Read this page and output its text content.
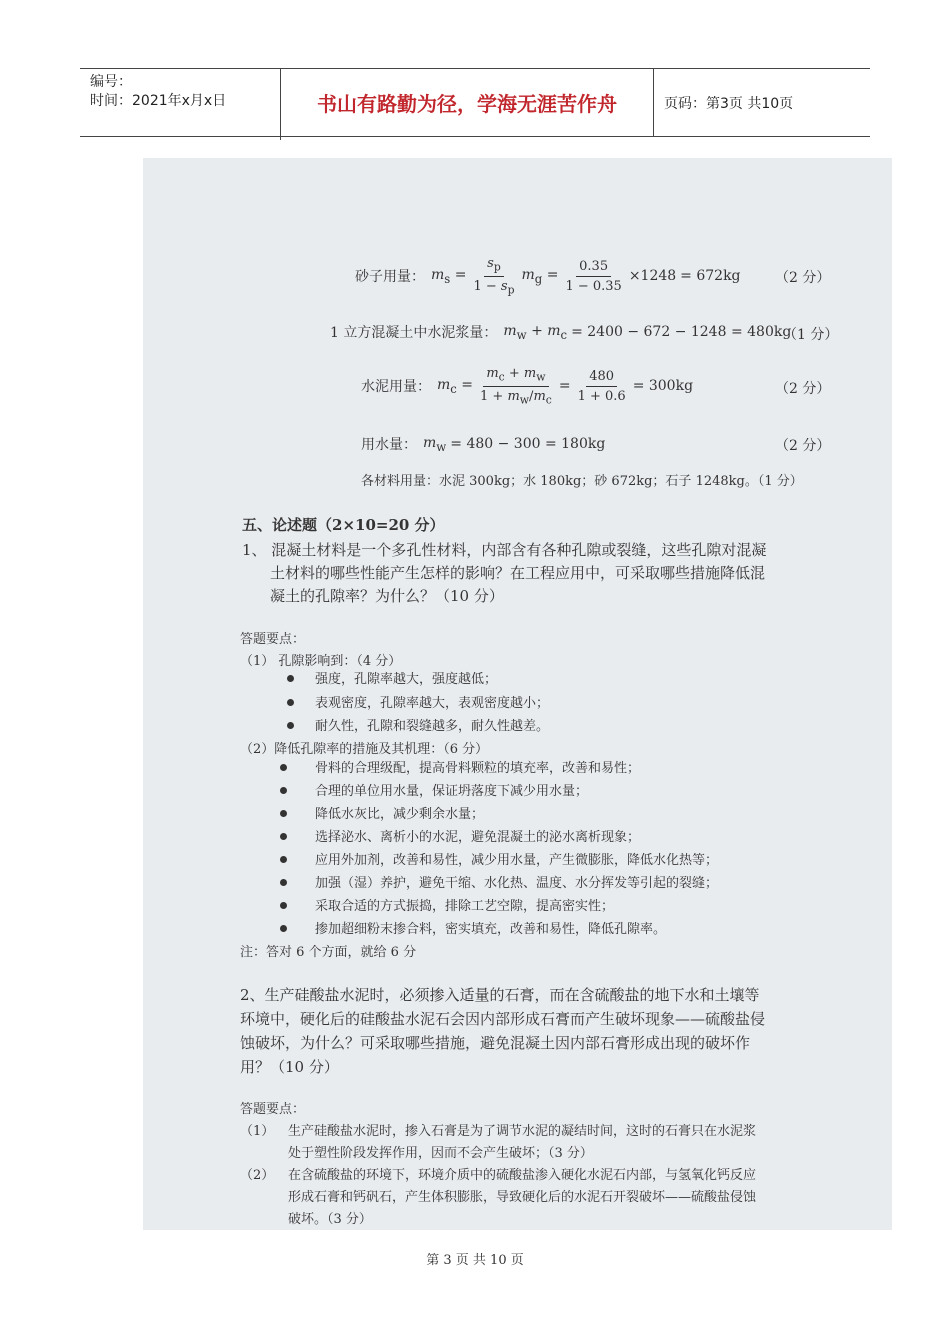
编号：
时间：2021年x月x日	书山有路勤为径，学海无涯苦作舟	页码：第3页 共10页
砂子用量： $m_s = \frac{s_p}{1 - s_p} m_g = \frac{0.35}{1 - 0.35} \times 1248 = 672kg$ （2 分）
1 立方混凝土中水泥浆量： $m_w + m_c = 2400 - 672 - 1248 = 480kg$
（1 分）
水泥用量： $m_c = \frac{m_c + m_w}{1 + m_w/m_c} = \frac{480}{1 + 0.6} = 300kg$	（2 分）
用水量： $m_w = 480 - 300 = 180kg$	（2 分）
各材料用量：水泥 300kg；水 180kg；砂 672kg；石子 1248kg。（1 分）
五、论述题（2×10=20 分）
1、 混凝土材料是一个多孔性材料，内部含有各种孔隙或裂缝，这些孔隙对混凝
土材料的哪些性能产生怎样的影响？在工程应用中，可采取哪些措施降低混
凝土的孔隙率？为什么？（10 分）
答题要点：
（1） 孔隙影响到：（4 分）
强度，孔隙率越大，强度越低；
表观密度，孔隙率越大，表观密度越小；
耐久性，孔隙和裂缝越多，耐久性越差。
（2）降低孔隙率的措施及其机理：（6 分）
骨料的合理级配，提高骨料颗粒的填充率，改善和易性；
合理的单位用水量，保证坍落度下减少用水量；
降低水灰比，减少剩余水量；
选择泌水、离析小的水泥，避免混凝土的泌水离析现象；
应用外加剂，改善和易性，减少用水量，产生微膨胀，降低水化热等；
加强（湿）养护，避免干缩、水化热、温度、水分挥发等引起的裂缝；
采取合适的方式振捣，排除工艺空隙，提高密实性；
掺加超细粉末掺合料，密实填充，改善和易性，降低孔隙率。
注：答对 6 个方面，就给 6 分
2、生产硅酸盐水泥时，必须掺入适量的石膏，而在含硫酸盐的地下水和土壤等
环境中，硬化后的硅酸盐水泥石会因内部形成石膏而产生破坏现象——硫酸盐侵
蚀破坏，为什么？可采取哪些措施，避免混凝土因内部石膏形成出现的破坏作
用？（10 分）
答题要点：
（1） 生产硅酸盐水泥时，掺入石膏是为了调节水泥的凝结时间，这时的石膏只在水泥浆
处于塑性阶段发挥作用，因而不会产生破坏；（3 分）
（2） 在含硫酸盐的环境下，环境介质中的硫酸盐渗入硬化水泥石内部，与氢氧化钙反应
形成石膏和钙矾石，产生体积膨胀，导致硬化后的水泥石开裂破坏——硫酸盐侵蚀
破坏。（3 分）
第 3 页 共 10 页
